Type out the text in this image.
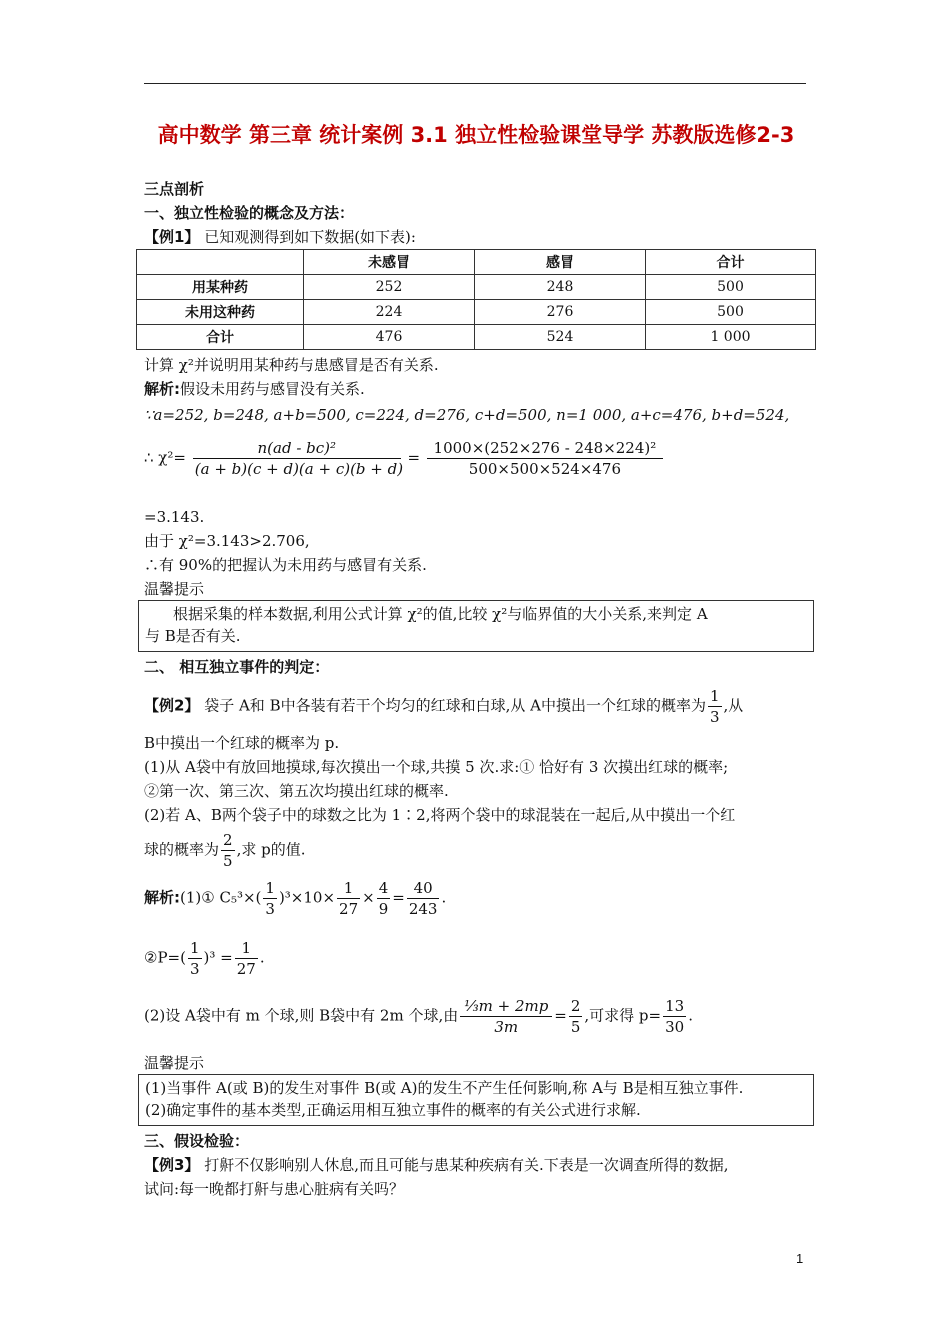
高中数学 第三章 统计案例 3.1 独立性检验课堂导学 苏教版选修2-3
三点剖析
一、独立性检验的概念及方法：
【例1】 已知观测得到如下数据(如下表):
	未感冒	感冒	合计
用某种药	252	248	500
未用这种药	224	276	500
合计	476	524	1 000
计算 χ²并说明用某种药与患感冒是否有关系.
解析:假设未用药与感冒没有关系.
∵a=252, b=248, a+b=500, c=224, d=276, c+d=500, n=1 000, a+c=476, b+d=524,
∴ $\chi^2= \frac{\text{n(ad - bc)²}}{(a + b)(c + d)(a + c)(b + d)} = \frac{\text{1000×(252×276 - 248×224)²}}{500\times 500\times 524\times 476}$
=3.143.
由于 χ²=3.143>2.706,
∴有 90%的把握认为未用药与感冒有关系.
温馨提示
根据采集的样本数据,利用公式计算 χ²的值,比较 χ²与临界值的大小关系,来判定 A
与 B是否有关.
二、 相互独立事件的判定：
【例2】 袋子 A和 B中各装有若干个均匀的红球和白球,从 A中摸出一个红球的概率为 $\frac{1}{3}$ ,从
B中摸出一个红球的概率为 p.
(1)从 A袋中有放回地摸球,每次摸出一个球,共摸 5 次.求:① 恰好有 3 次摸出红球的概率;
②第一次、第三次、第五次均摸出红球的概率.
(2)若 A、B两个袋子中的球数之比为 1∶2,将两个袋中的球混装在一起后,从中摸出一个红
球的概率为 $\frac{2}{5}$ ,求 p的值.
解析:(1)① $C_5^3\times( \frac{1}{3} )^3\times 10\times \frac{1}{27} \times \frac{4}{9} = \frac{40}{243}$ .
②P=( $\frac{1}{3} )^3 = \frac{1}{27}$ .
(2)设 A袋中有 m 个球,则 B袋中有 2m 个球,由 $\frac{\text{⅓m + 2mp}}{3m} = \frac{2}{5}$ ,可求得 $p= \frac{13}{30}$ .
温馨提示
(1)当事件 A(或 B)的发生对事件 B(或 A)的发生不产生任何影响,称 A与 B是相互独立事件.
(2)确定事件的基本类型,正确运用相互独立事件的概率的有关公式进行求解.
三、假设检验：
【例3】 打鼾不仅影响别人休息,而且可能与患某种疾病有关.下表是一次调查所得的数据,
试问:每一晚都打鼾与患心脏病有关吗？
1
